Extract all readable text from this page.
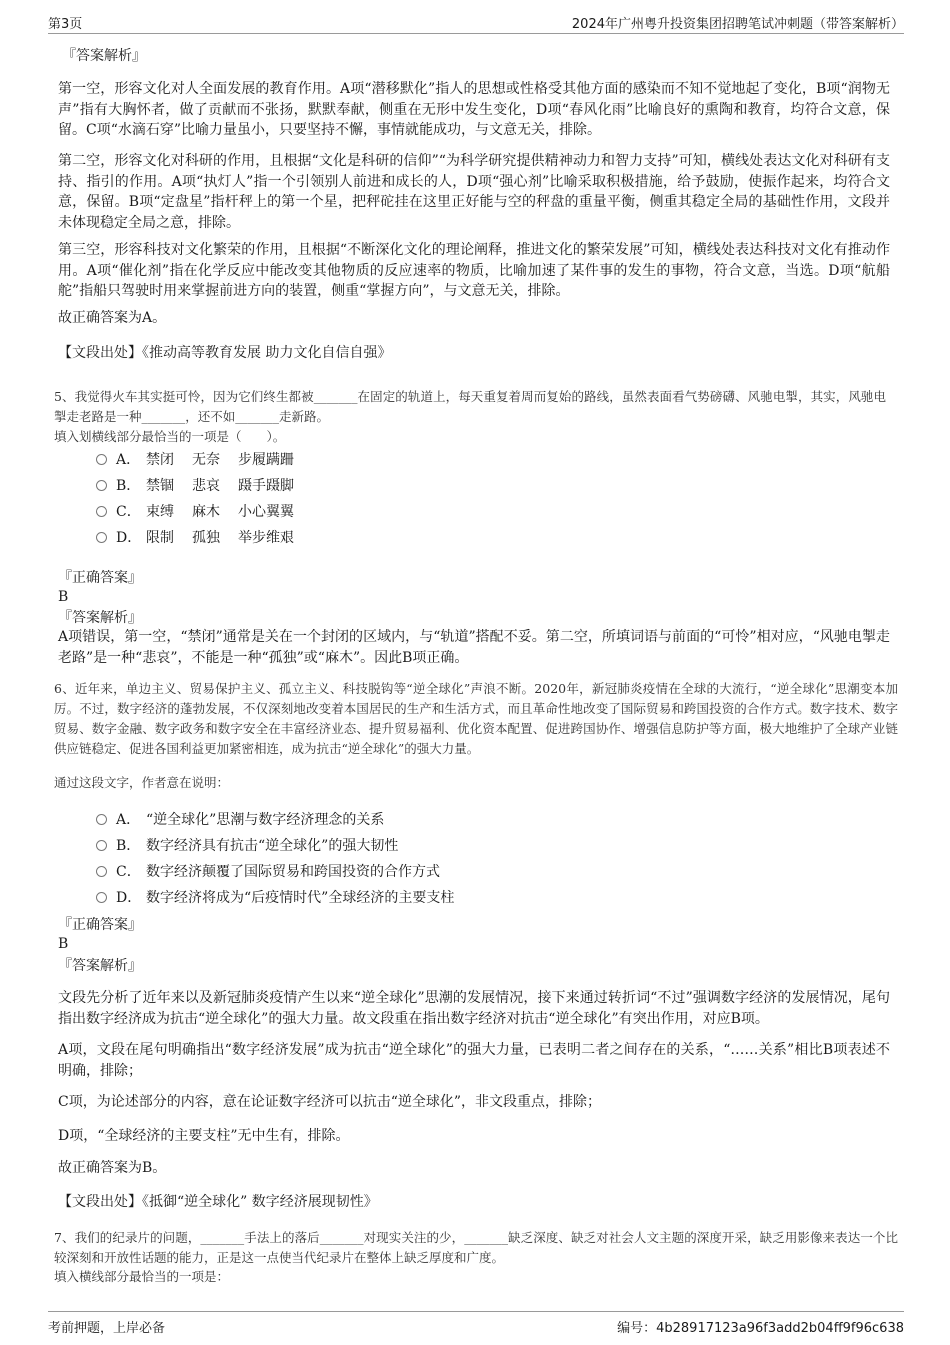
第3页	2024年广州粤升投资集团招聘笔试冲刺题（带答案解析）
『答案解析』

第一空，形容文化对人全面发展的教育作用。A项“潜移默化”指人的思想或性格受其他方面的感染而不知不觉地起了变化，B项“润物无声”指有大胸怀者，做了贡献而不张扬，默默奉献，侧重在无形中发生变化，D项“春风化雨”比喻良好的熏陶和教育，均符合文意，保留。C项“水滴石穿”比喻力量虽小，只要坚持不懈，事情就能成功，与文意无关，排除。

第二空，形容文化对科研的作用，且根据“文化是科研的信仰”“为科学研究提供精神动力和智力支持”可知，横线处表达文化对科研有支持、指引的作用。A项“执灯人”指一个引领别人前进和成长的人，D项“强心剂”比喻采取积极措施，给予鼓励，使振作起来，均符合文意，保留。B项“定盘星”指杆秤上的第一个星，把秤砣挂在这里正好能与空的秤盘的重量平衡，侧重其稳定全局的基础性作用，文段并未体现稳定全局之意，排除。

第三空，形容科技对文化繁荣的作用，且根据“不断深化文化的理论阐释，推进文化的繁荣发展”可知，横线处表达科技对文化有推动作用。A项“催化剂”指在化学反应中能改变其他物质的反应速率的物质，比喻加速了某件事的发生的事物，符合文意，当选。D项“航船舵”指船只驾驶时用来掌握前进方向的装置，侧重“掌握方向”，与文意无关，排除。

故正确答案为A。

【文段出处】《推动高等教育发展 助力文化自信自强》

5、我觉得火车其实挺可怜，因为它们终生都被_______在固定的轨道上，每天重复着周而复始的路线，虽然表面看气势磅礴、风驰电掣，其实，风驰电掣走老路是一种_______，还不如_______走新路。

填入划横线部分最恰当的一项是（　　）。

A． 禁闭 无奈 步履蹒跚
B． 禁锢 悲哀 蹑手蹑脚
C． 束缚 麻木 小心翼翼
D． 限制 孤独 举步维艰
『正确答案』
B
『答案解析』

A项错误，第一空，“禁闭”通常是关在一个封闭的区域内，与“轨道”搭配不妥。第二空，所填词语与前面的“可怜”相对应，“风驰电掣走老路”是一种“悲哀”，不能是一种“孤独”或“麻木”。因此B项正确。

6、近年来，单边主义、贸易保护主义、孤立主义、科技脱钩等“逆全球化”声浪不断。2020年，新冠肺炎疫情在全球的大流行，“逆全球化”思潮变本加厉。不过，数字经济的蓬勃发展，不仅深刻地改变着本国居民的生产和生活方式，而且革命性地改变了国际贸易和跨国投资的合作方式。数字技术、数字贸易、数字金融、数字政务和数字安全在丰富经济业态、提升贸易福利、优化资本配置、促进跨国协作、增强信息防护等方面，极大地维护了全球产业链供应链稳定、促进各国利益更加紧密相连，成为抗击“逆全球化”的强大力量。

通过这段文字，作者意在说明：

A． “逆全球化”思潮与数字经济理念的关系
B． 数字经济具有抗击“逆全球化”的强大韧性
C． 数字经济颠覆了国际贸易和跨国投资的合作方式
D． 数字经济将成为“后疫情时代”全球经济的主要支柱
『正确答案』
B
『答案解析』

文段先分析了近年来以及新冠肺炎疫情产生以来“逆全球化”思潮的发展情况，接下来通过转折词“不过”强调数字经济的发展情况，尾句指出数字经济成为抗击“逆全球化”的强大力量。故文段重在指出数字经济对抗击“逆全球化”有突出作用，对应B项。

A项，文段在尾句明确指出“数字经济发展”成为抗击“逆全球化”的强大力量，已表明二者之间存在的关系，“……关系”相比B项表述不明确，排除；

C项，为论述部分的内容，意在论证数字经济可以抗击“逆全球化”，非文段重点，排除；

D项，“全球经济的主要支柱”无中生有，排除。

故正确答案为B。

【文段出处】《抵御“逆全球化” 数字经济展现韧性》

7、我们的纪录片的问题，_______手法上的落后_______对现实关注的少，_______缺乏深度、缺乏对社会人文主题的深度开采，缺乏用影像来表达一个比较深刻和开放性话题的能力，正是这一点使当代纪录片在整体上缺乏厚度和广度。

填入横线部分最恰当的一项是：

考前押题，上岸必备	编号：4b28917123a96f3add2b04ff9f96c638
